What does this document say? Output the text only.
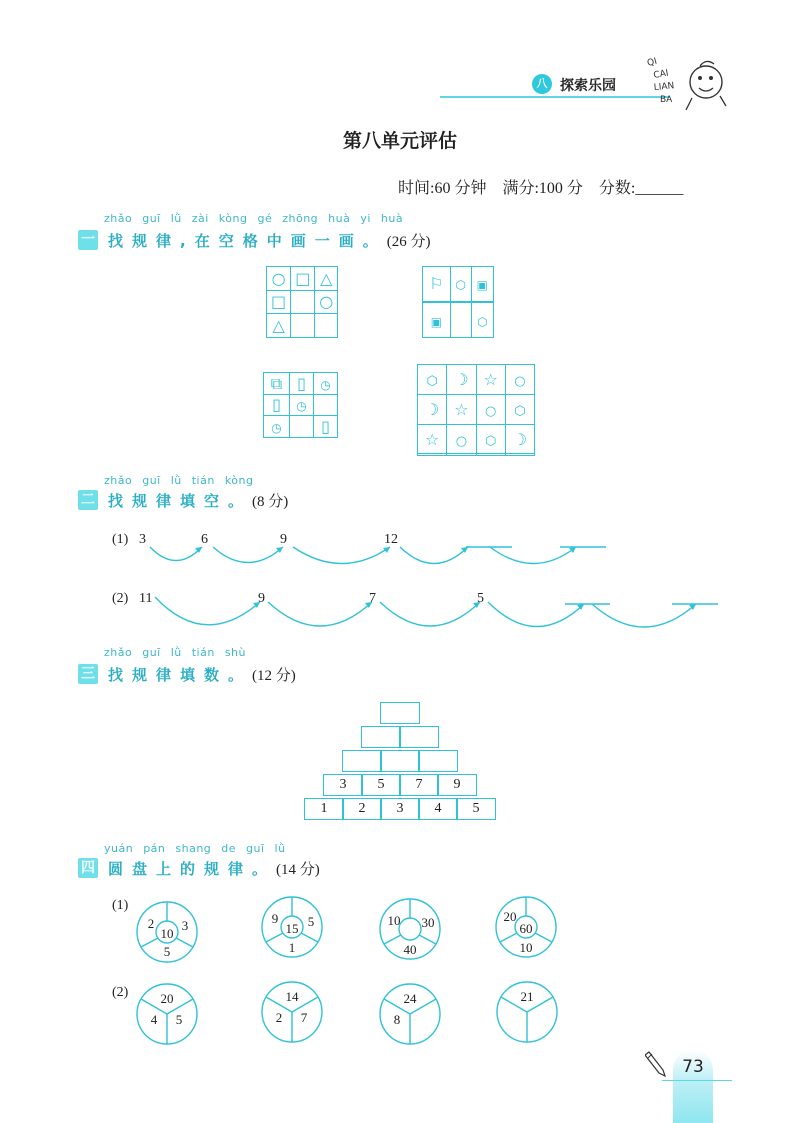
八 探索乐园
QI
CAI
LIAN
BA
第八单元评估
时间:60 分钟 满分:100 分 分数:______
zhǎo guī lǜ zài kòng gé zhōng huà yi huà
一 找规律,在空格中画一画。(26 分)
○	□	△
□		○
△		
⚐	⬡	▣

▣		⬡
⧉	▯	◷
▯	◷	
◷		▯
⬡	☽	☆	○
☽	☆	○	⬡
☆	○	⬡	☽

zhǎo guī lǜ tián kòng
二 找规律填空。(8 分)
(1) 3	6	9	12
(2) 11	9	7	5
zhǎo guī lǜ tián shù
三 找规律填数。(12 分)
3	5	7	9
1	2	3	4	5
yuán pán shang de guī lǜ
四 圆盘上的规律。(14 分)
(1)
(2)
2 3
10
5
9 5
15
1
10 30
40
20
60
10
20
4 5
14
2 7
24
8
21
73
